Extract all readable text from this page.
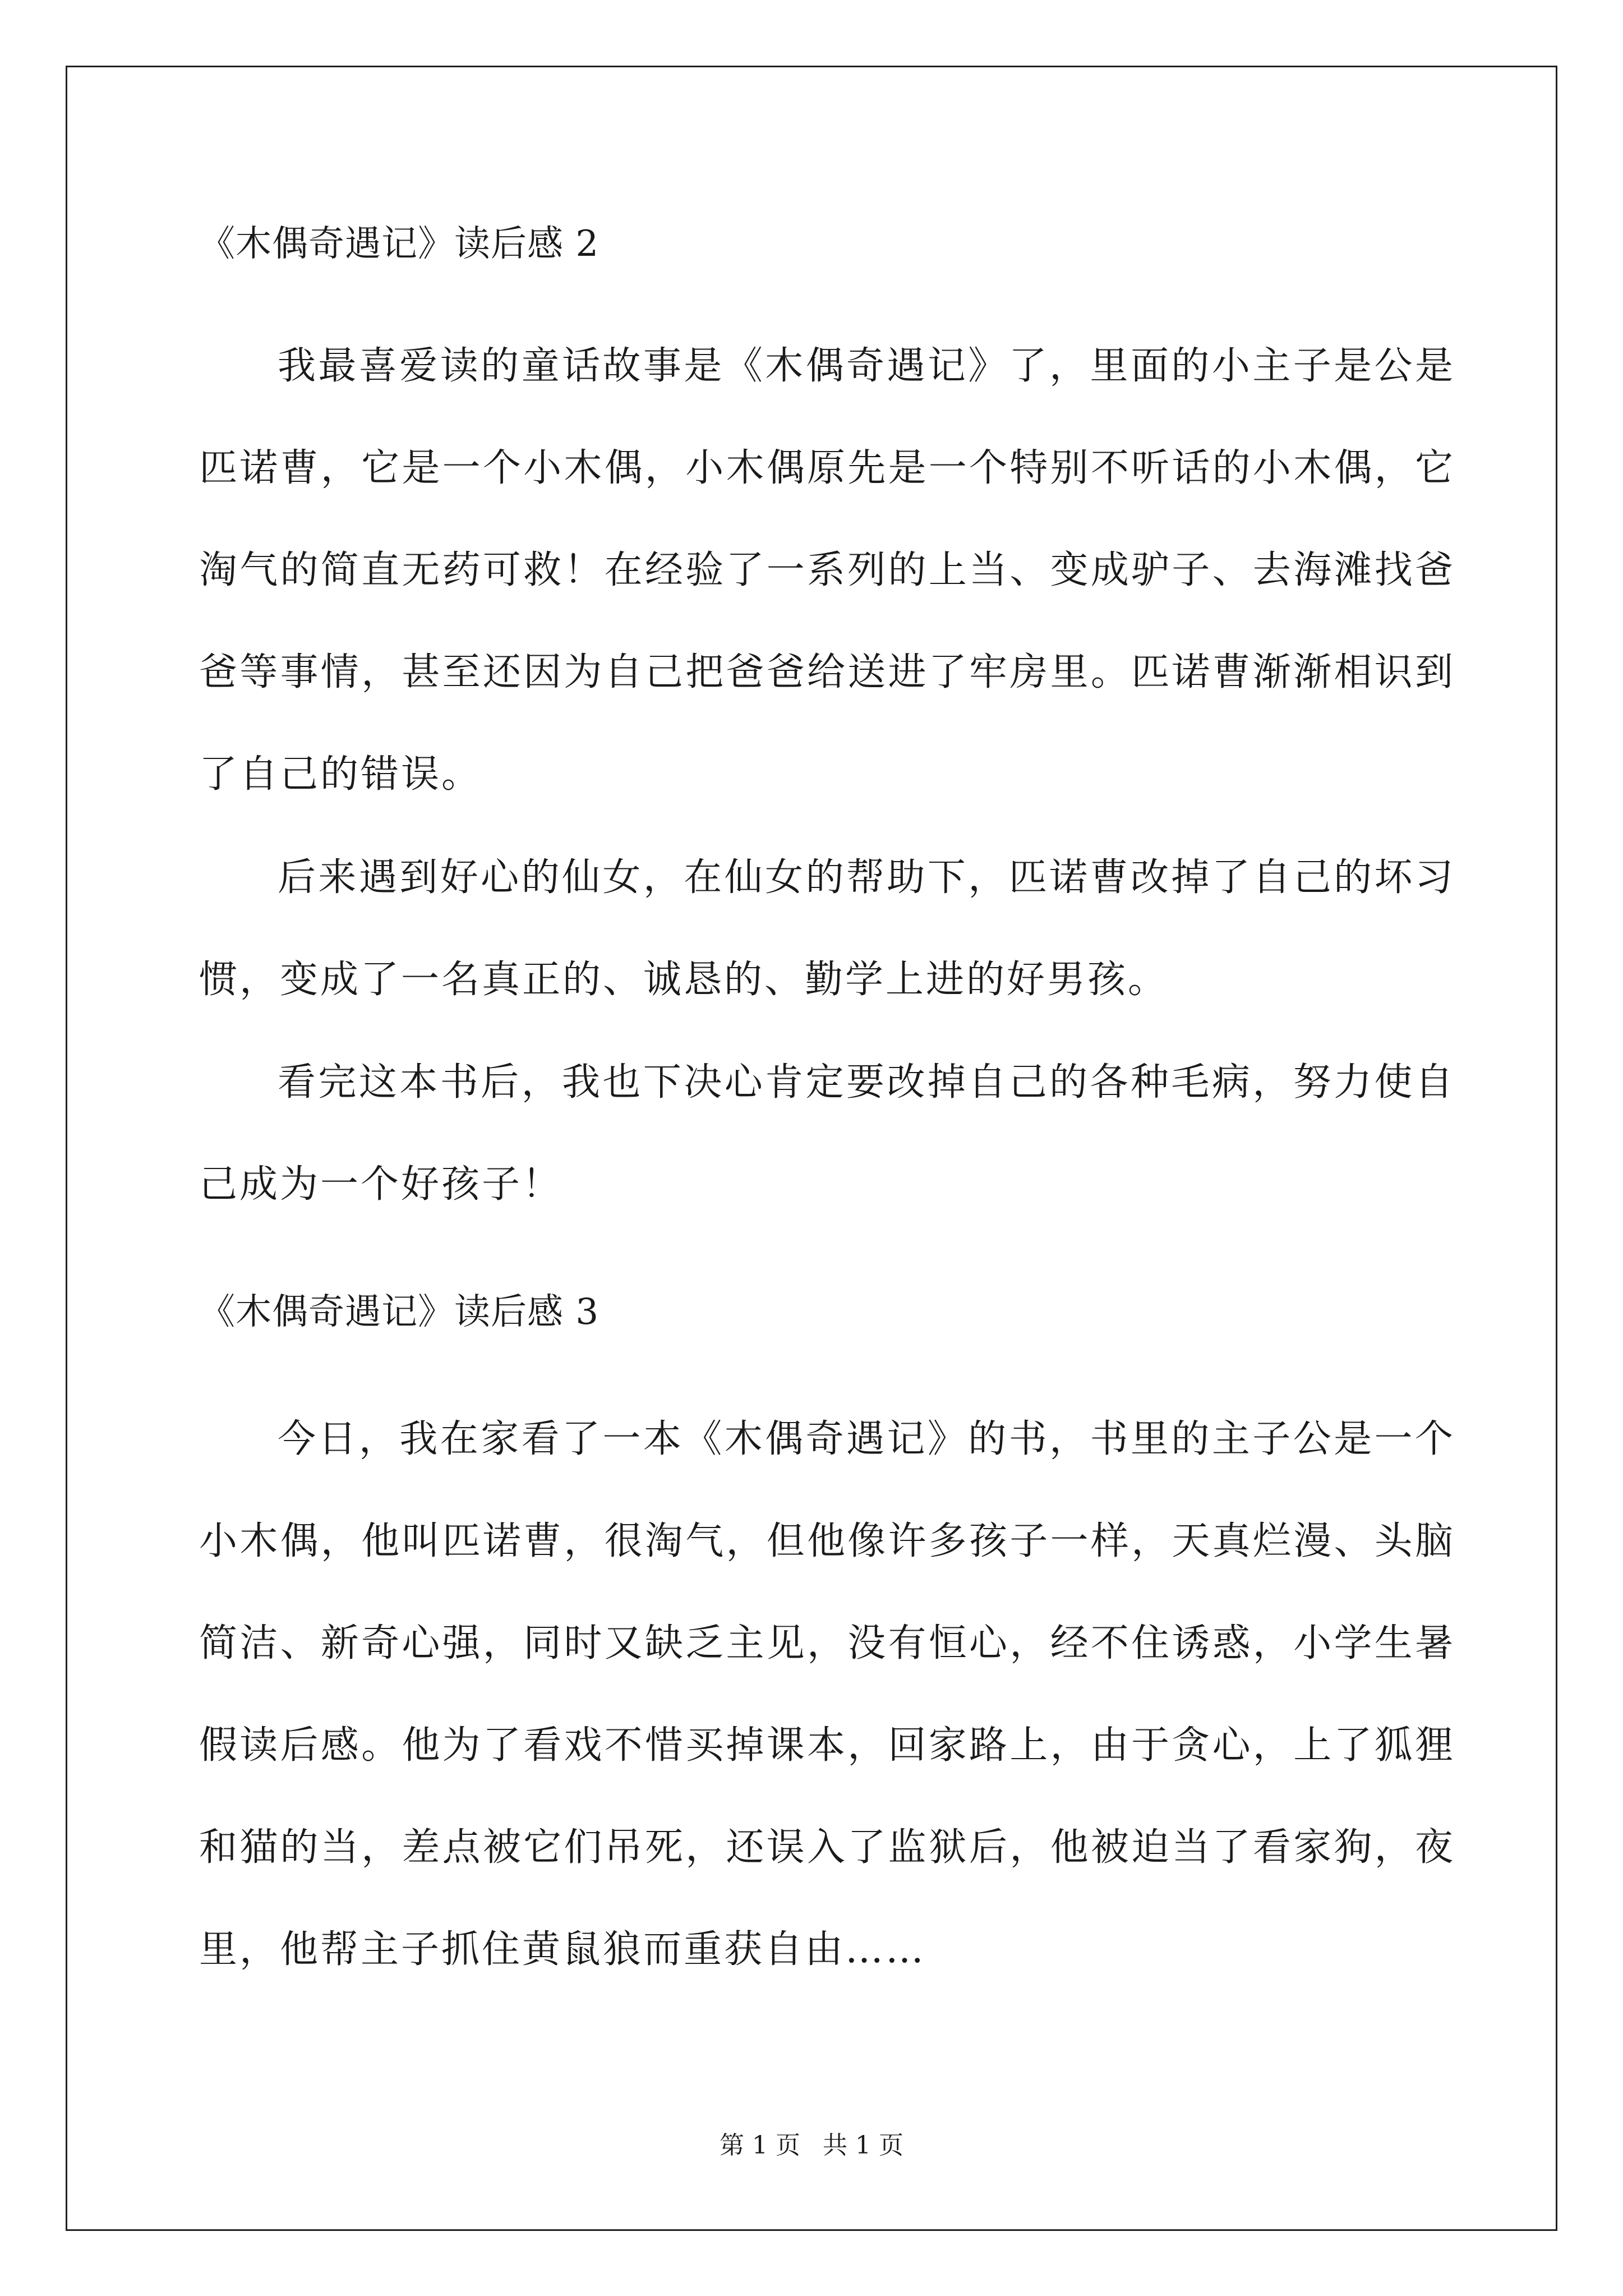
《木偶奇遇记》读后感 2
我最喜爱读的童话故事是《木偶奇遇记》了，里面的小主子是公是匹诺曹，它是一个小木偶，小木偶原先是一个特别不听话的小木偶，它淘气的简直无药可救！在经验了一系列的上当、变成驴子、去海滩找爸爸等事情，甚至还因为自己把爸爸给送进了牢房里。匹诺曹渐渐相识到了自己的错误。
后来遇到好心的仙女，在仙女的帮助下，匹诺曹改掉了自己的坏习惯，变成了一名真正的、诚恳的、勤学上进的好男孩。
看完这本书后，我也下决心肯定要改掉自己的各种毛病，努力使自己成为一个好孩子！
《木偶奇遇记》读后感 3
今日，我在家看了一本《木偶奇遇记》的书，书里的主子公是一个小木偶，他叫匹诺曹，很淘气，但他像许多孩子一样，天真烂漫、头脑简洁、新奇心强，同时又缺乏主见，没有恒心，经不住诱惑，小学生暑假读后感。他为了看戏不惜买掉课本，回家路上，由于贪心，上了狐狸和猫的当，差点被它们吊死，还误入了监狱后，他被迫当了看家狗，夜里，他帮主子抓住黄鼠狼而重获自由……
第 1 页 共 1 页
